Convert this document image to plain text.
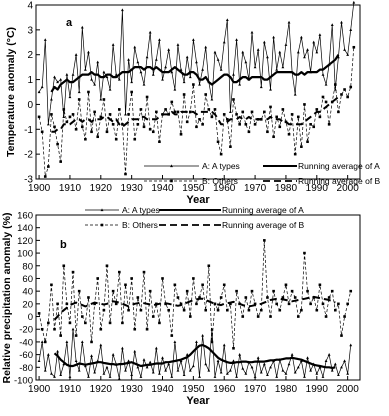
-3
-2
-1
0
1
2
3
4
1900 1910 1920 1930 1940 1950 1960 1970 1980 1990 2000
Year
Temperature anomaly (°C)
a
A: A types	Running average of A
B: Others	Running average of B
-100
-80
-60
-40
-20
0
20
40
60
80
100
120
140
160
1900 1910 1920 1930 1940 1950 1960 1970 1980 1990 2000
Year
Relative precipitation anomaly (%)	b
A: A types	Running average of A
B: Others	Running average of B
